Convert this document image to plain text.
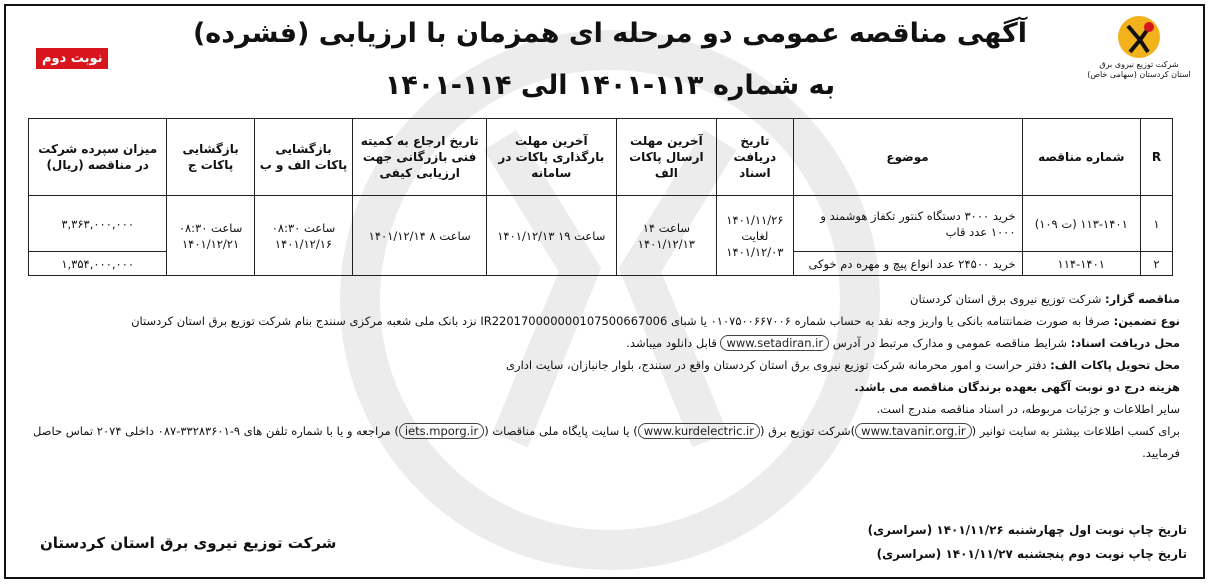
شرکت توزیع نیروی برق
استان کردستان (سهامی خاص)
نوبت دوم
آگهی مناقصه عمومی دو مرحله ای همزمان با ارزیابی (فشرده)
به شماره ۱۱۳-۱۴۰۱ الی ۱۱۴-۱۴۰۱
R	شماره مناقصه	موضوع	تاریخ دریافت اسناد	آخرین مهلت ارسال پاکات الف	آخرین مهلت بارگذاری پاکات در سامانه	تاریخ ارجاع به کمیته فنی بازرگانی جهت ارزیابی کیفی	بازگشایی پاکات الف و ب	بازگشایی پاکات ج	میزان سپرده شرکت در مناقصه (ریال)
۱	۱۱۳-۱۴۰۱ (ت ۱۰۹)	خرید ۳۰۰۰ دستگاه کنتور تکفاز هوشمند و ۱۰۰۰ عدد قاب	۱۴۰۱/۱۱/۲۶ لغایت ۱۴۰۱/۱۲/۰۳	ساعت ۱۴ ۱۴۰۱/۱۲/۱۳	ساعت ۱۹ ۱۴۰۱/۱۲/۱۳	ساعت ۸ ۱۴۰۱/۱۲/۱۴	ساعت ۰۸:۳۰ ۱۴۰۱/۱۲/۱۶	ساعت ۰۸:۳۰ ۱۴۰۱/۱۲/۲۱	۳,۳۶۳,۰۰۰,۰۰۰
۲	۱۱۴-۱۴۰۱	خرید ۲۴۵۰۰ عدد انواع پیچ و مهره دم خوکی							۱,۳۵۴,۰۰۰,۰۰۰

مناقصه گزار: شرکت توزیع نیروی برق استان کردستان

نوع تضمین: صرفا به صورت ضمانتنامه بانکی یا واریز وجه نقد به حساب شماره ۰۱۰۷۵۰۰۶۶۷۰۰۶ یا شبای IR220170000000107500667006 نزد بانک ملی شعبه مرکزی سنندج بنام شرکت توزیع برق استان کردستان

محل دریافت اسناد: شرایط مناقصه عمومی و مدارک مرتبط در آدرس www.setadiran.ir قابل دانلود میباشد.

محل تحویل پاکات الف: دفتر حراست و امور محرمانه شرکت توزیع نیروی برق استان کردستان واقع در سنندج، بلوار جانبازان، سایت اداری

هزینه درج دو نوبت آگهی بعهده برندگان مناقصه می باشد.

سایر اطلاعات و جزئیات مربوطه، در اسناد مناقصه مندرج است.

برای کسب اطلاعات بیشتر به سایت توانیر (www.tavanir.org.ir)شرکت توزیع برق (www.kurdelectric.ir) یا سایت پایگاه ملی مناقصات (iets.mporg.ir) مراجعه و یا با شماره تلفن های ۹-۳۳۲۸۳۶۰۱-۰۸۷ داخلی ۲۰۷۴ تماس حاصل فرمایید.

تاریخ چاپ نوبت اول چهارشنبه ۱۴۰۱/۱۱/۲۶ (سراسری)
تاریخ چاپ نوبت دوم پنجشنبه ۱۴۰۱/۱۱/۲۷ (سراسری)
شرکت توزیع نیروی برق استان کردستان
